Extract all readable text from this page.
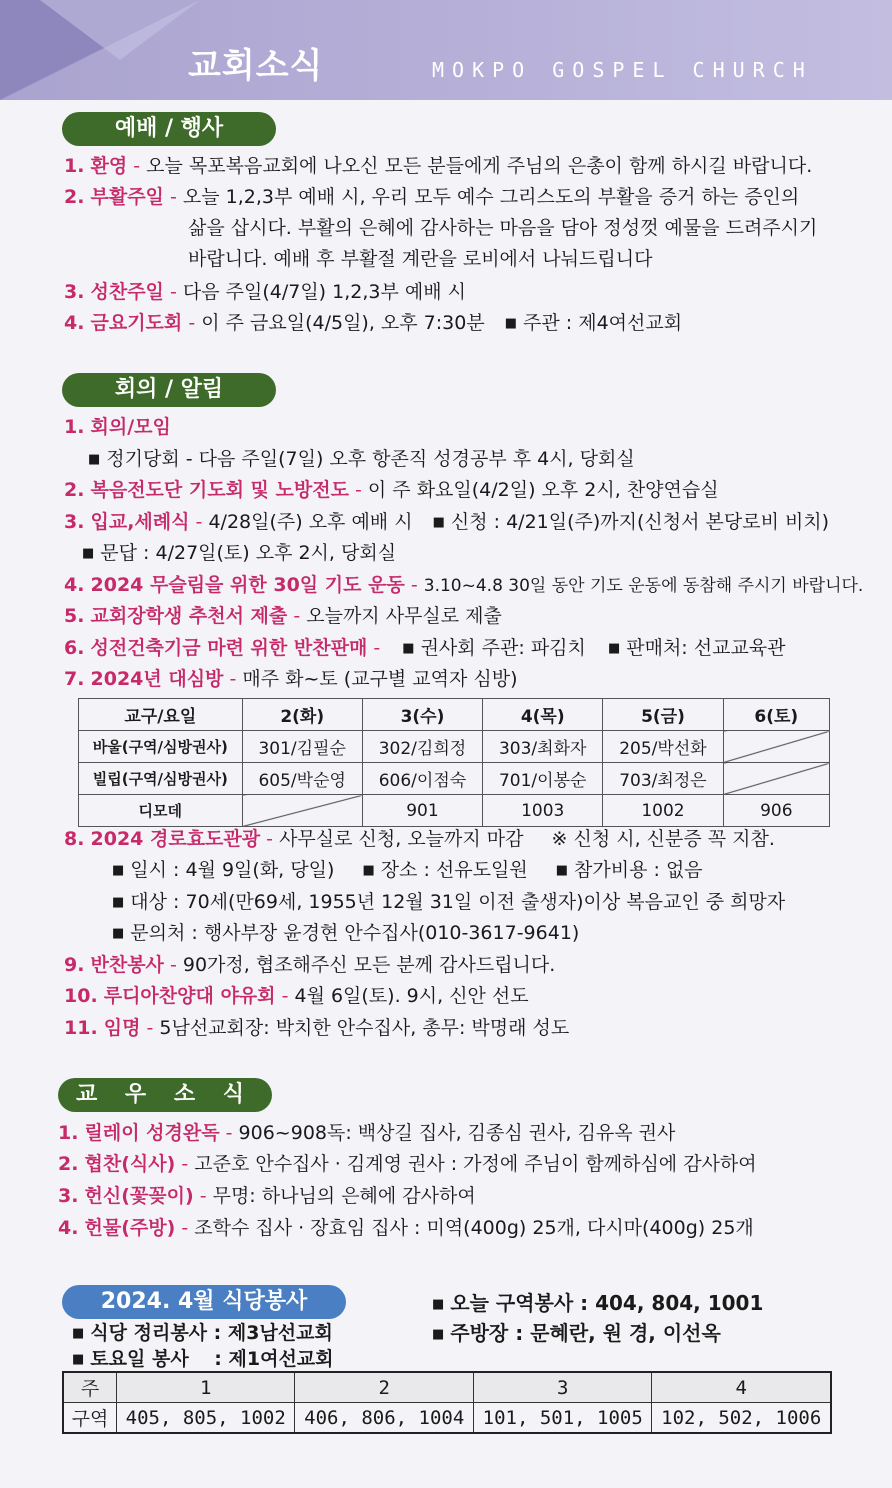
교회소식	MOKPO GOSPEL CHURCH
예배 / 행사
1. 환영 - 오늘 목포복음교회에 나오신 모든 분들에게 주님의 은총이 함께 하시길 바랍니다.
2. 부활주일 - 오늘 1,2,3부 예배 시, 우리 모두 예수 그리스도의 부활을 증거 하는 증인의
삶을 삽시다. 부활의 은혜에 감사하는 마음을 담아 정성껏 예물을 드려주시기
바랍니다. 예배 후 부활절 계란을 로비에서 나눠드립니다
3. 성찬주일 - 다음 주일(4/7일) 1,2,3부 예배 시
4. 금요기도회 - 이 주 금요일(4/5일), 오후 7:30분 ■ 주관 : 제4여선교회
회의 / 알림
1. 회의/모임
■ 정기당회 - 다음 주일(7일) 오후 항존직 성경공부 후 4시, 당회실
2. 복음전도단 기도회 및 노방전도 - 이 주 화요일(4/2일) 오후 2시, 찬양연습실
3. 입교,세례식 - 4/28일(주) 오후 예배 시 ■ 신청 : 4/21일(주)까지(신청서 본당로비 비치)
■ 문답 : 4/27일(토) 오후 2시, 당회실
4. 2024 무슬림을 위한 30일 기도 운동 - 3.10~4.8 30일 동안 기도 운동에 동참해 주시기 바랍니다.
5. 교회장학생 추천서 제출 - 오늘까지 사무실로 제출
6. 성전건축기금 마련 위한 반찬판매 - ■ 권사회 주관: 파김치 ■ 판매처: 선교교육관
7. 2024년 대심방 - 매주 화~토 (교구별 교역자 심방)
교구/요일	2(화)	3(수)	4(목)	5(금)	6(토)
바울(구역/심방권사)	301/김필순	302/김희정	303/최화자	205/박선화	
빌립(구역/심방권사)	605/박순영	606/이점숙	701/이봉순	703/최정은	
디모데		901	1003	1002	906
8. 2024 경로효도관광 - 사무실로 신청, 오늘까지 마감 ※ 신청 시, 신분증 꼭 지참.
■ 일시 : 4월 9일(화, 당일) ■ 장소 : 선유도일원 ■ 참가비용 : 없음
■ 대상 : 70세(만69세, 1955년 12월 31일 이전 출생자)이상 복음교인 중 희망자
■ 문의처 : 행사부장 윤경현 안수집사(010-3617-9641)
9. 반찬봉사 - 90가정, 협조해주신 모든 분께 감사드립니다.
10. 루디아찬양대 야유회 - 4월 6일(토). 9시, 신안 선도
11. 임명 - 5남선교회장: 박치한 안수집사, 총무: 박명래 성도
교 우 소 식
1. 릴레이 성경완독 - 906~908독: 백상길 집사, 김종심 권사, 김유옥 권사
2. 협찬(식사) - 고준호 안수집사 · 김계영 권사 : 가정에 주님이 함께하심에 감사하여
3. 헌신(꽃꽂이) - 무명: 하나님의 은혜에 감사하여
4. 헌물(주방) - 조학수 집사 · 장효임 집사 : 미역(400g) 25개, 다시마(400g) 25개
2024. 4월 식당봉사
■ 식당 정리봉사 : 제3남선교회
■ 토요일 봉사 　: 제1여선교회
■ 오늘 구역봉사 : 404, 804, 1001
■ 주방장 : 문혜란, 원 경, 이선옥
주	1	2	3	4
구역	405, 805, 1002	406, 806, 1004	101, 501, 1005	102, 502, 1006
